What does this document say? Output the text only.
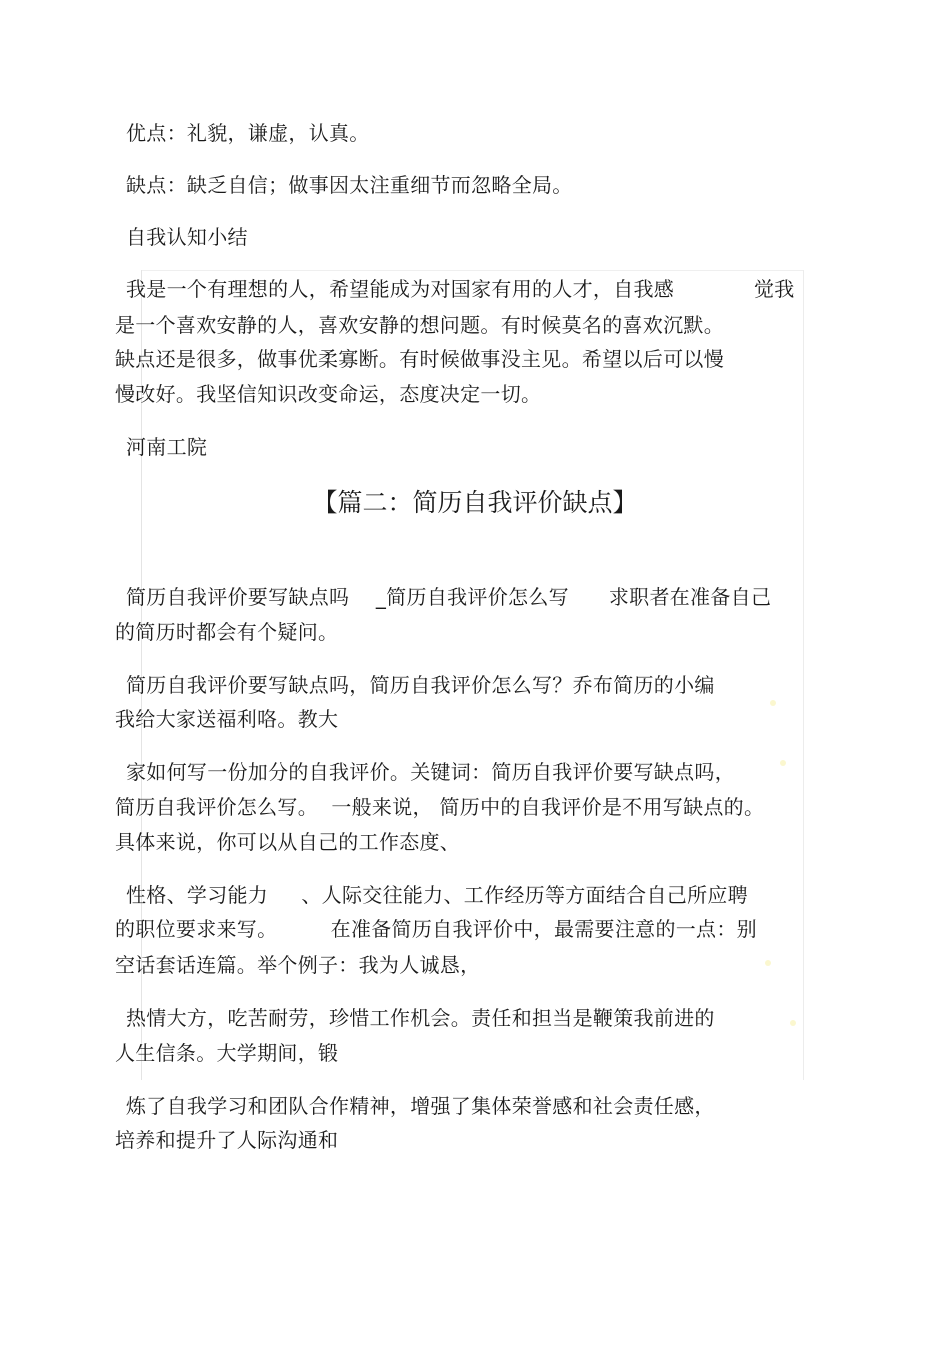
优点：礼貌，谦虚，认真。
缺点：缺乏自信；做事因太注重细节而忽略全局。
自我认知小结
我是一个有理想的人，希望能成为对国家有用的人才，自我感            觉我
是一个喜欢安静的人，喜欢安静的想问题。有时候莫名的喜欢沉默。
缺点还是很多，做事优柔寡断。有时候做事没主见。希望以后可以慢
慢改好。我坚信知识改变命运，态度决定一切。
河南工院
【篇二：简历自我评价缺点】
简历自我评价要写缺点吗    _简历自我评价怎么写      求职者在准备自己
的简历时都会有个疑问。
简历自我评价要写缺点吗，简历自我评价怎么写？乔布简历的小编
我给大家送福利咯。教大
家如何写一份加分的自我评价。关键词：简历自我评价要写缺点吗，
简历自我评价怎么写。  一般来说， 简历中的自我评价是不用写缺点的。
具体来说，你可以从自己的工作态度、
性格、学习能力     、人际交往能力、工作经历等方面结合自己所应聘
的职位要求来写。        在准备简历自我评价中，最需要注意的一点：别
空话套话连篇。举个例子：我为人诚恳，
热情大方，吃苦耐劳，珍惜工作机会。责任和担当是鞭策我前进的
人生信条。大学期间，锻
炼了自我学习和团队合作精神，增强了集体荣誉感和社会责任感，
培养和提升了人际沟通和
